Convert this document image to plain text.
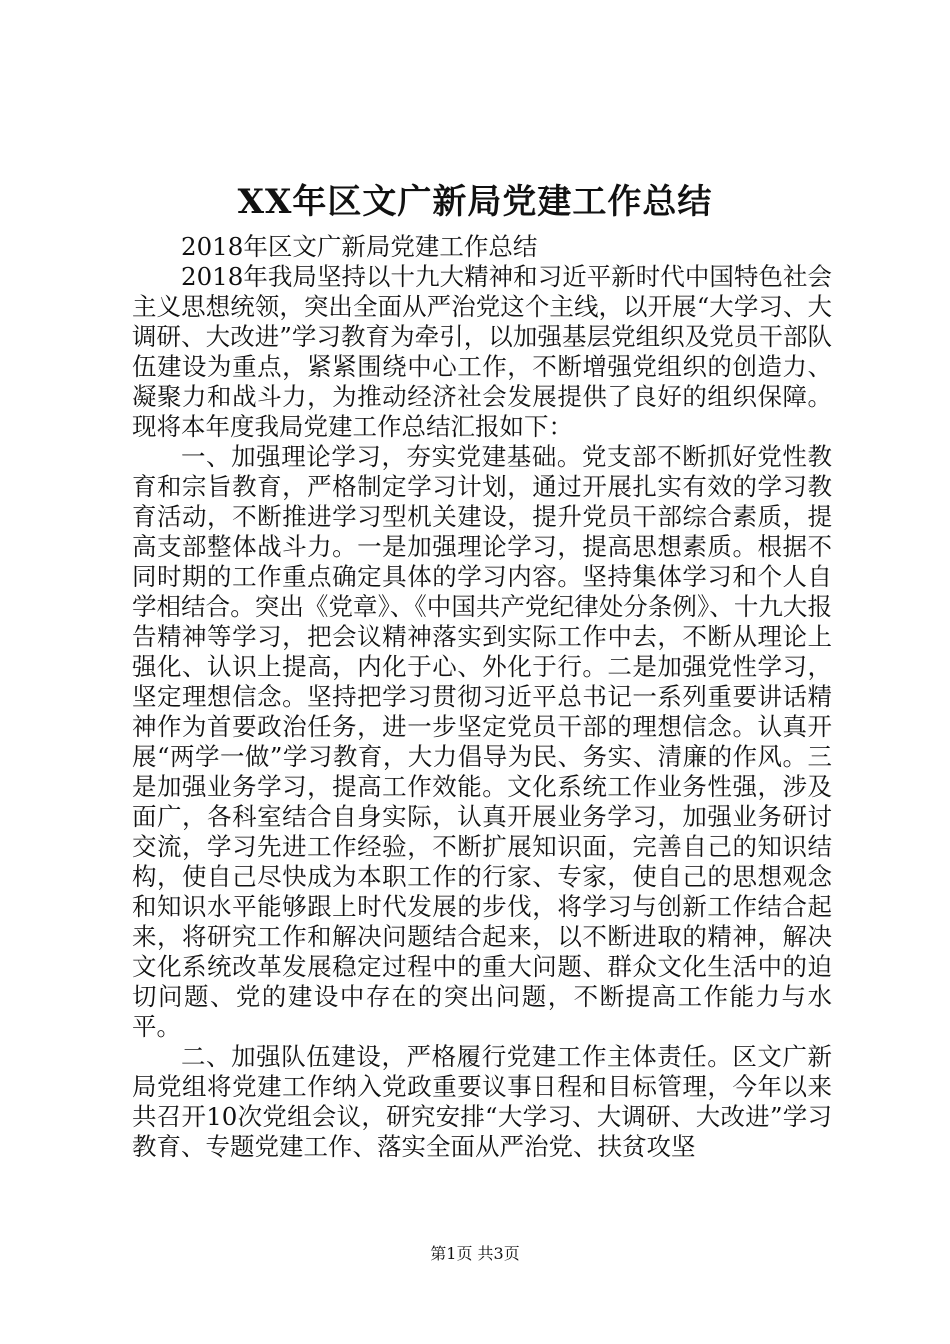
XX年区文广新局党建工作总结

2018年区文广新局党建工作总结

2018年我局坚持以十九大精神和习近平新时代中国特色社会主义思想统领，突出全面从严治党这个主线，以开展“大学习、大调研、大改进”学习教育为牵引，以加强基层党组织及党员干部队伍建设为重点，紧紧围绕中心工作，不断增强党组织的创造力、凝聚力和战斗力，为推动经济社会发展提供了良好的组织保障。现将本年度我局党建工作总结汇报如下：

一、加强理论学习，夯实党建基础。党支部不断抓好党性教育和宗旨教育，严格制定学习计划，通过开展扎实有效的学习教育活动，不断推进学习型机关建设，提升党员干部综合素质，提高支部整体战斗力。一是加强理论学习，提高思想素质。根据不同时期的工作重点确定具体的学习内容。坚持集体学习和个人自学相结合。突出《党章》、《中国共产党纪律处分条例》、十九大报告精神等学习，把会议精神落实到实际工作中去，不断从理论上强化、认识上提高，内化于心、外化于行。二是加强党性学习，坚定理想信念。坚持把学习贯彻习近平总书记一系列重要讲话精神作为首要政治任务，进一步坚定党员干部的理想信念。认真开展“两学一做”学习教育，大力倡导为民、务实、清廉的作风。三是加强业务学习，提高工作效能。文化系统工作业务性强，涉及面广，各科室结合自身实际，认真开展业务学习，加强业务研讨交流，学习先进工作经验，不断扩展知识面，完善自己的知识结构，使自己尽快成为本职工作的行家、专家，使自己的思想观念和知识水平能够跟上时代发展的步伐，将学习与创新工作结合起来，将研究工作和解决问题结合起来，以不断进取的精神，解决文化系统改革发展稳定过程中的重大问题、群众文化生活中的迫切问题、党的建设中存在的突出问题，不断提高工作能力与水平。

二、加强队伍建设，严格履行党建工作主体责任。区文广新局党组将党建工作纳入党政重要议事日程和目标管理，今年以来共召开10次党组会议，研究安排“大学习、大调研、大改进”学习教育、专题党建工作、落实全面从严治党、扶贫攻坚

第1页 共3页
